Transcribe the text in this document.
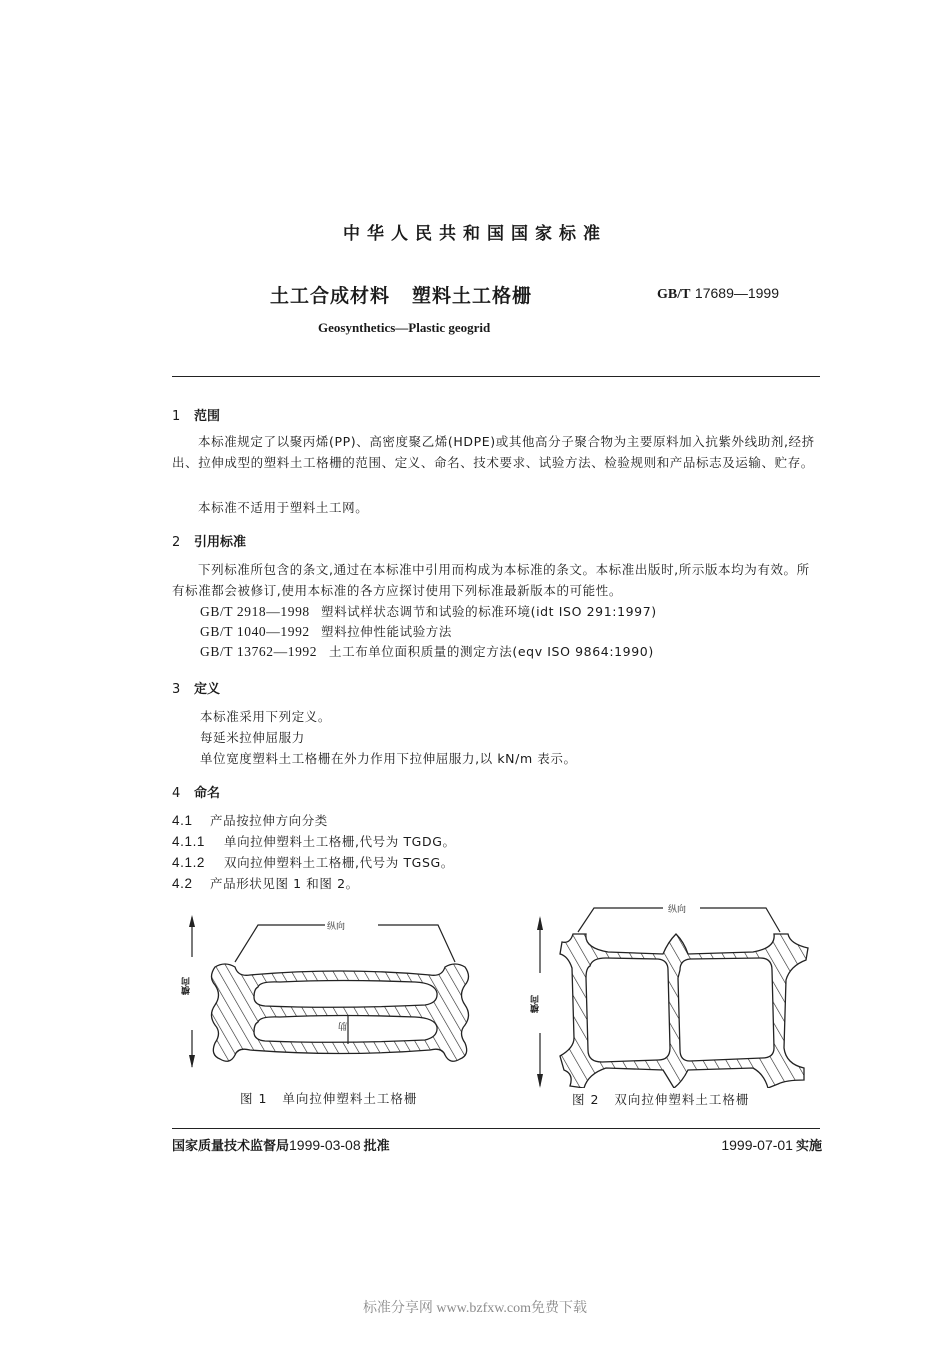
中华人民共和国国家标准
土工合成材料 塑料土工格栅	GB/T 17689—1999
Geosynthetics—Plastic geogrid
1 范围
本标准规定了以聚丙烯(PP)、高密度聚乙烯(HDPE)或其他高分子聚合物为主要原料加入抗紫外线助剂,经挤出、拉伸成型的塑料土工格栅的范围、定义、命名、技术要求、试验方法、检验规则和产品标志及运输、贮存。
本标准不适用于塑料土工网。
2 引用标准
下列标准所包含的条文,通过在本标准中引用而构成为本标准的条文。本标准出版时,所示版本均为有效。所有标准都会被修订,使用本标准的各方应探讨使用下列标准最新版本的可能性。
GB/T 2918—1998 塑料试样状态调节和试验的标准环境(idt ISO 291:1997)
GB/T 1040—1992 塑料拉伸性能试验方法
GB/T 13762—1992 土工布单位面积质量的测定方法(eqv ISO 9864:1990)
3 定义
本标准采用下列定义。
每延米拉伸屈服力
单位宽度塑料土工格栅在外力作用下拉伸屈服力,以 kN/m 表示。
4 命名
4.1 产品按拉伸方向分类
4.1.1 单向拉伸塑料土工格栅,代号为 TGDG。
4.1.2 双向拉伸塑料土工格栅,代号为 TGSG。
4.2 产品形状见图 1 和图 2。
纵向
横向
肋
图 1 单向拉伸塑料土工格栅
纵向
横向
图 2 双向拉伸塑料土工格栅
国家质量技术监督局1999-03-08 批准	1999-07-01 实施
标准分享网 www.bzfxw.com免费下载
